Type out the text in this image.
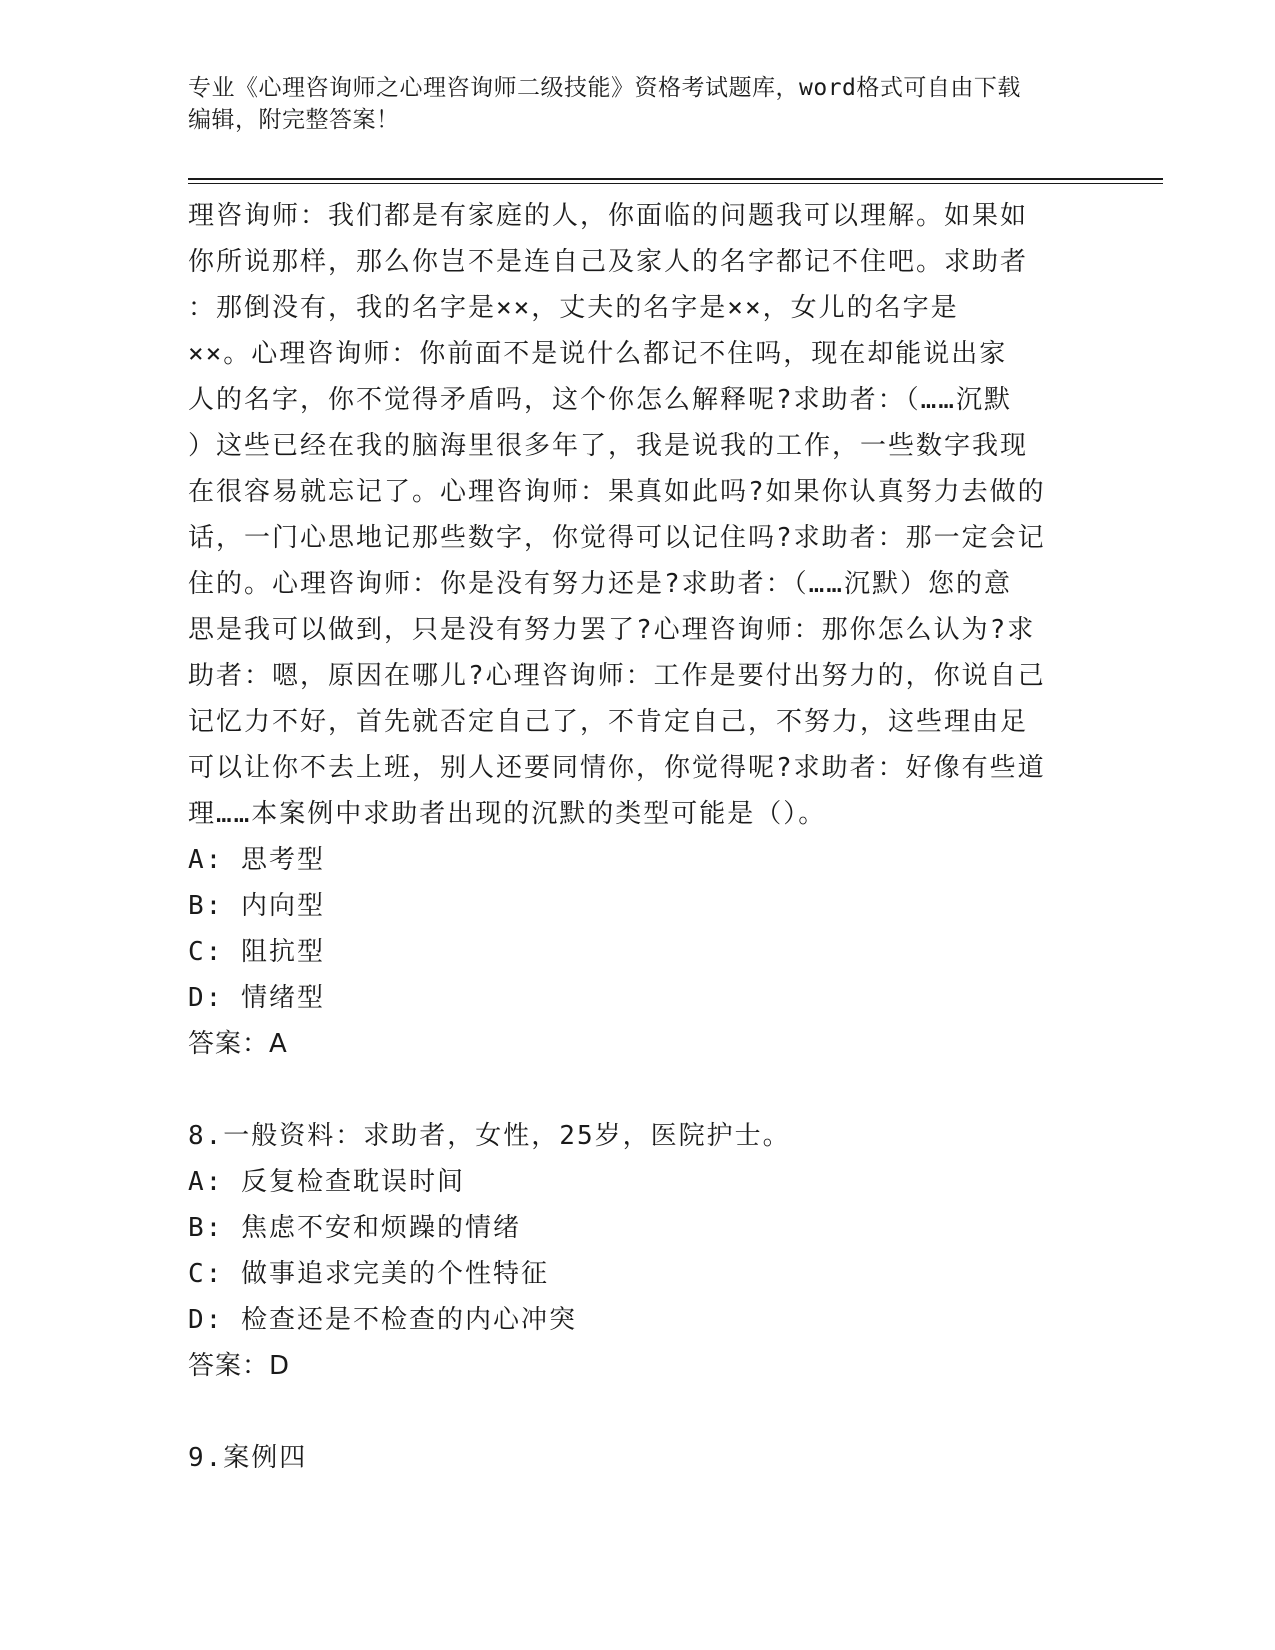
专业《心理咨询师之心理咨询师二级技能》资格考试题库，word格式可自由下载
编辑，附完整答案！

理咨询师：我们都是有家庭的人，你面临的问题我可以理解。如果如

你所说那样，那么你岂不是连自己及家人的名字都记不住吧。求助者

：那倒没有，我的名字是××，丈夫的名字是××，女儿的名字是

××。心理咨询师：你前面不是说什么都记不住吗，现在却能说出家

人的名字，你不觉得矛盾吗，这个你怎么解释呢?求助者：（……沉默

）这些已经在我的脑海里很多年了，我是说我的工作，一些数字我现

在很容易就忘记了。心理咨询师：果真如此吗?如果你认真努力去做的

话，一门心思地记那些数字，你觉得可以记住吗?求助者：那一定会记

住的。心理咨询师：你是没有努力还是?求助者：（……沉默）您的意

思是我可以做到，只是没有努力罢了?心理咨询师：那你怎么认为?求

助者：嗯，原因在哪儿?心理咨询师：工作是要付出努力的，你说自己

记忆力不好，首先就否定自己了，不肯定自己，不努力，这些理由足

可以让你不去上班，别人还要同情你，你觉得呢?求助者：好像有些道

理……本案例中求助者出现的沉默的类型可能是（）。

A: 思考型

B: 内向型

C: 阻抗型

D: 情绪型

答案：A

8.一般资料：求助者，女性，25岁，医院护士。

A: 反复检查耽误时间

B: 焦虑不安和烦躁的情绪

C: 做事追求完美的个性特征

D: 检查还是不检查的内心冲突

答案：D

9.案例四
